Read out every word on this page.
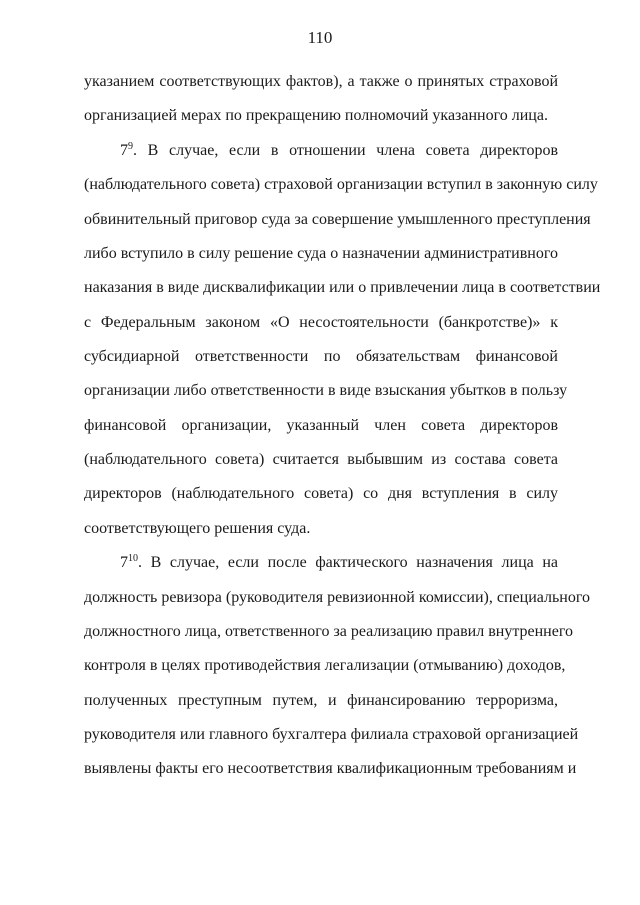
110
указанием соответствующих фактов), а также о принятых страховой
организацией мерах по прекращению полномочий указанного лица.
$7^9$. В случае, если в отношении члена совета директоров
(наблюдательного совета) страховой организации вступил в законную силу
обвинительный приговор суда за совершение умышленного преступления
либо вступило в силу решение суда о назначении административного
наказания в виде дисквалификации или о привлечении лица в соответствии
с Федеральным законом «О несостоятельности (банкротстве)» к
субсидиарной ответственности по обязательствам финансовой
организации либо ответственности в виде взыскания убытков в пользу
финансовой организации, указанный член совета директоров
(наблюдательного совета) считается выбывшим из состава совета
директоров (наблюдательного совета) со дня вступления в силу
соответствующего решения суда.
$7^{10}$. В случае, если после фактического назначения лица на
должность ревизора (руководителя ревизионной комиссии), специального
должностного лица, ответственного за реализацию правил внутреннего
контроля в целях противодействия легализации (отмыванию) доходов,
полученных преступным путем, и финансированию терроризма,
руководителя или главного бухгалтера филиала страховой организацией
выявлены факты его несоответствия квалификационным требованиям и
